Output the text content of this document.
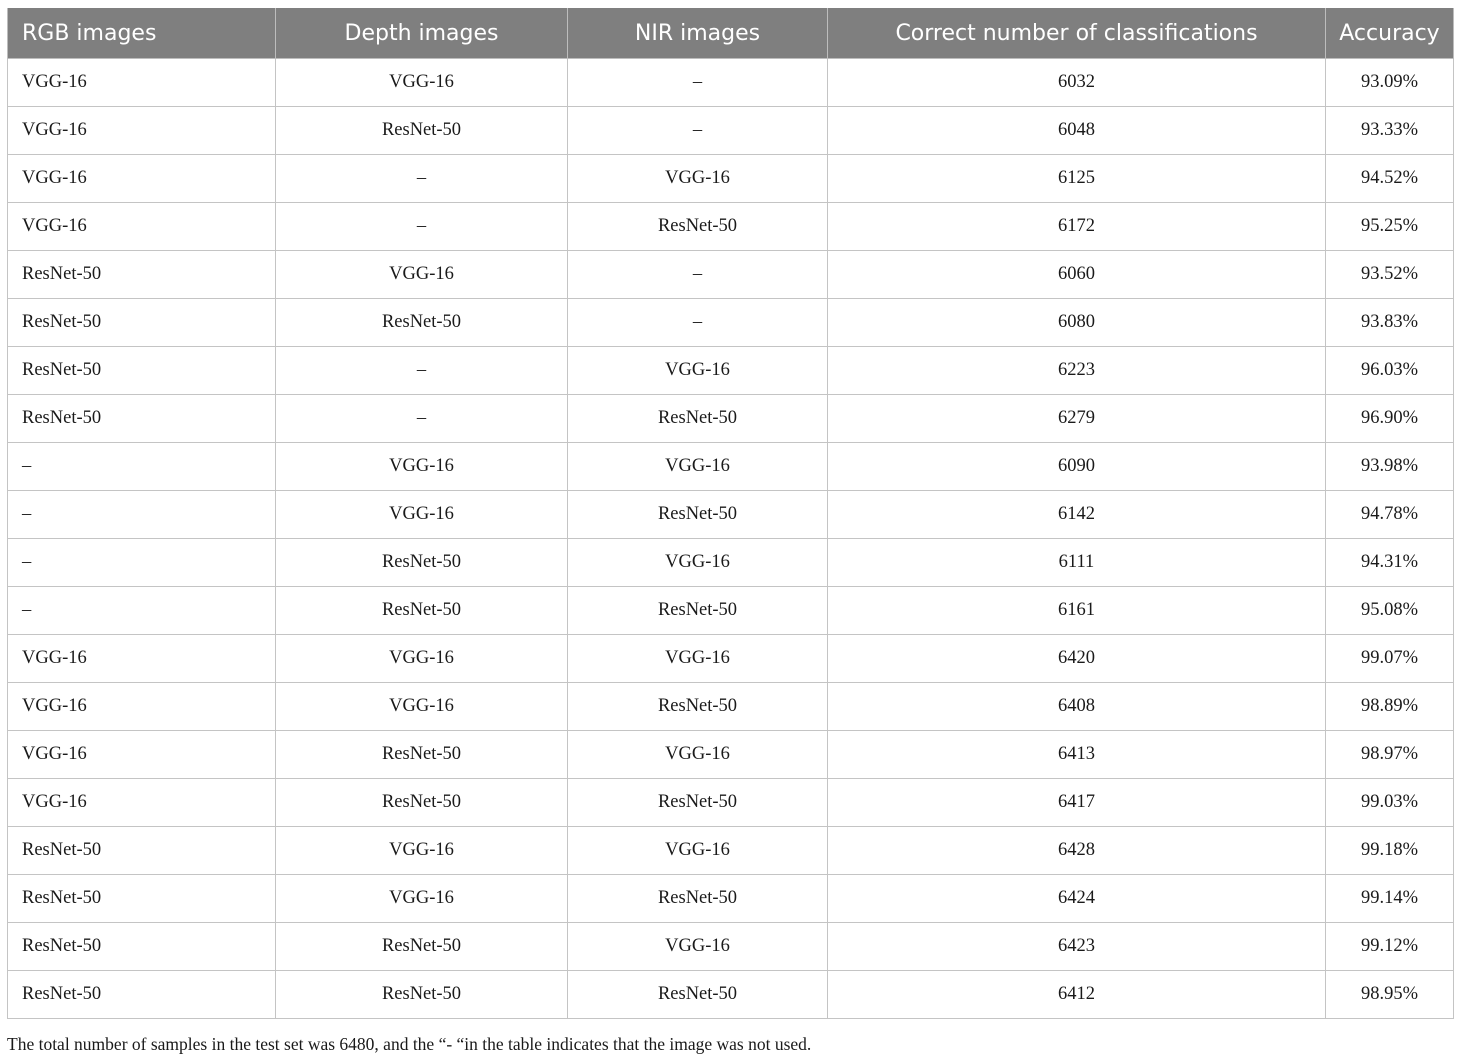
RGB images	Depth images	NIR images	Correct number of classifications	Accuracy
VGG-16	VGG-16	–	6032	93.09%
VGG-16	ResNet-50	–	6048	93.33%
VGG-16	–	VGG-16	6125	94.52%
VGG-16	–	ResNet-50	6172	95.25%
ResNet-50	VGG-16	–	6060	93.52%
ResNet-50	ResNet-50	–	6080	93.83%
ResNet-50	–	VGG-16	6223	96.03%
ResNet-50	–	ResNet-50	6279	96.90%
–	VGG-16	VGG-16	6090	93.98%
–	VGG-16	ResNet-50	6142	94.78%
–	ResNet-50	VGG-16	6111	94.31%
–	ResNet-50	ResNet-50	6161	95.08%
VGG-16	VGG-16	VGG-16	6420	99.07%
VGG-16	VGG-16	ResNet-50	6408	98.89%
VGG-16	ResNet-50	VGG-16	6413	98.97%
VGG-16	ResNet-50	ResNet-50	6417	99.03%
ResNet-50	VGG-16	VGG-16	6428	99.18%
ResNet-50	VGG-16	ResNet-50	6424	99.14%
ResNet-50	ResNet-50	VGG-16	6423	99.12%
ResNet-50	ResNet-50	ResNet-50	6412	98.95%
The total number of samples in the test set was 6480, and the “- “in the table indicates that the image was not used.
